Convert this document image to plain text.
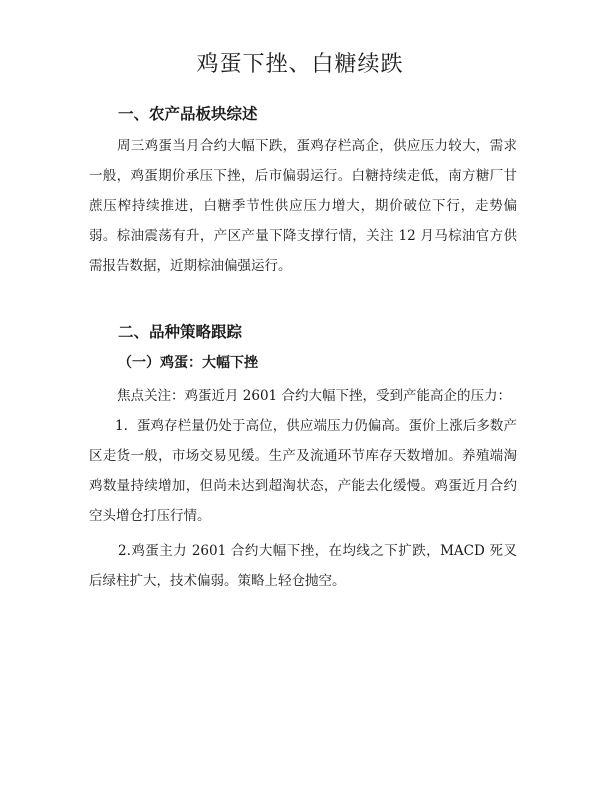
鸡蛋下挫、白糖续跌
一、农产品板块综述

周三鸡蛋当月合约大幅下跌，蛋鸡存栏高企，供应压力较大，需求一般，鸡蛋期价承压下挫，后市偏弱运行。白糖持续走低，南方糖厂甘蔗压榨持续推进，白糖季节性供应压力增大，期价破位下行，走势偏弱。棕油震荡有升，产区产量下降支撑行情，关注 12 月马棕油官方供需报告数据，近期棕油偏强运行。

二、品种策略跟踪
（一）鸡蛋：大幅下挫

焦点关注：鸡蛋近月 2601 合约大幅下挫，受到产能高企的压力：

1. 蛋鸡存栏量仍处于高位，供应端压力仍偏高。蛋价上涨后多数产区走货一般，市场交易见缓。生产及流通环节库存天数增加。养殖端淘鸡数量持续增加，但尚未达到超淘状态，产能去化缓慢。鸡蛋近月合约空头增仓打压行情。

2.鸡蛋主力 2601 合约大幅下挫，在均线之下扩跌，MACD 死叉后绿柱扩大，技术偏弱。策略上轻仓抛空。
